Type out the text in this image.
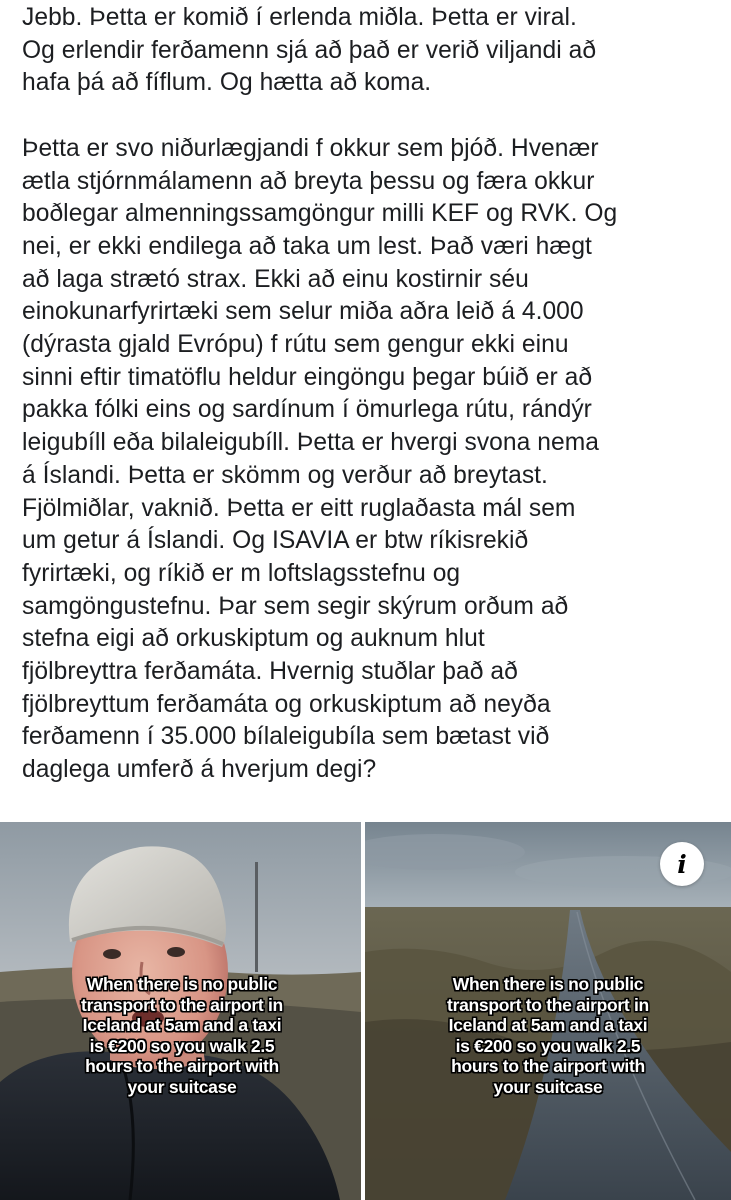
Jebb. Þetta er komið í erlenda miðla. Þetta er viral.
Og erlendir ferðamenn sjá að það er verið viljandi að
hafa þá að fíflum. Og hætta að koma.

Þetta er svo niðurlægjandi f okkur sem þjóð. Hvenær
ætla stjórnmálamenn að breyta þessu og færa okkur
boðlegar almenningssamgöngur milli KEF og RVK. Og
nei, er ekki endilega að taka um lest. Það væri hægt
að laga strætó strax. Ekki að einu kostirnir séu
einokunarfyrirtæki sem selur miða aðra leið á 4.000
(dýrasta gjald Evrópu) f rútu sem gengur ekki einu
sinni eftir timatöflu heldur eingöngu þegar búið er að
pakka fólki eins og sardínum í ömurlega rútu, rándýr
leigubíll eða bilaleigubíll. Þetta er hvergi svona nema
á Íslandi. Þetta er skömm og verður að breytast.
Fjölmiðlar, vaknið. Þetta er eitt ruglaðasta mál sem
um getur á Íslandi. Og ISAVIA er btw ríkisrekið
fyrirtæki, og ríkið er m loftslagsstefnu og
samgöngustefnu. Þar sem segir skýrum orðum að
stefna eigi að orkuskiptum og auknum hlut
fjölbreyttra ferðamáta. Hvernig stuðlar það að
fjölbreyttum ferðamáta og orkuskiptum að neyða
ferðamenn í 35.000 bílaleigubíla sem bætast við
daglega umferð á hverjum degi?

When there is no public
transport to the airport in
Iceland at 5am and a taxi
is €200 so you walk 2.5
hours to the airport with
your suitcase
When there is no public
transport to the airport in
Iceland at 5am and a taxi
is €200 so you walk 2.5
hours to the airport with
your suitcase
i
